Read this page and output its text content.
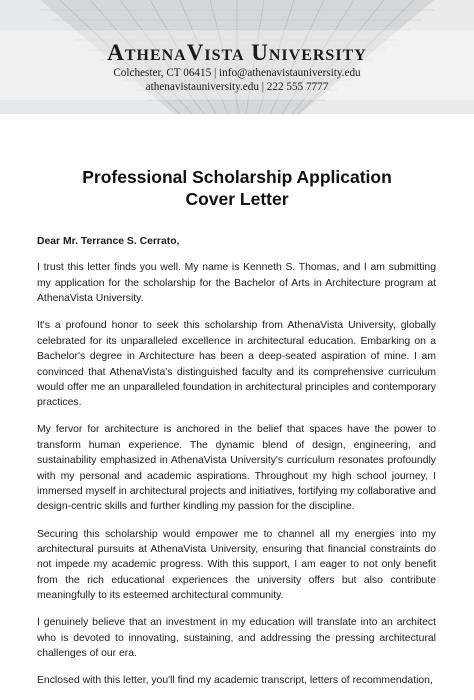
AthenaVista University
Colchester, CT 06415 | info@athenavistauniversity.edu
athenavistauniversity.edu | 222 555 7777
Professional Scholarship Application
Cover Letter
Dear Mr. Terrance S. Cerrato,

I trust this letter finds you well. My name is Kenneth S. Thomas, and I am submitting my application for the scholarship for the Bachelor of Arts in Architecture program at AthenaVista University.

It's a profound honor to seek this scholarship from AthenaVista University, globally celebrated for its unparalleled excellence in architectural education. Embarking on a Bachelor's degree in Architecture has been a deep-seated aspiration of mine. I am convinced that AthenaVista's distinguished faculty and its comprehensive curriculum would offer me an unparalleled foundation in architectural principles and contemporary practices.

My fervor for architecture is anchored in the belief that spaces have the power to transform human experience. The dynamic blend of design, engineering, and sustainability emphasized in AthenaVista University's curriculum resonates profoundly with my personal and academic aspirations. Throughout my high school journey, I immersed myself in architectural projects and initiatives, fortifying my collaborative and design-centric skills and further kindling my passion for the discipline.

Securing this scholarship would empower me to channel all my energies into my architectural pursuits at AthenaVista University, ensuring that financial constraints do not impede my academic progress. With this support, I am eager to not only benefit from the rich educational experiences the university offers but also contribute meaningfully to its esteemed architectural community.

I genuinely believe that an investment in my education will translate into an architect who is devoted to innovating, sustaining, and addressing the pressing architectural challenges of our era.

Enclosed with this letter, you'll find my academic transcript, letters of recommendation,
